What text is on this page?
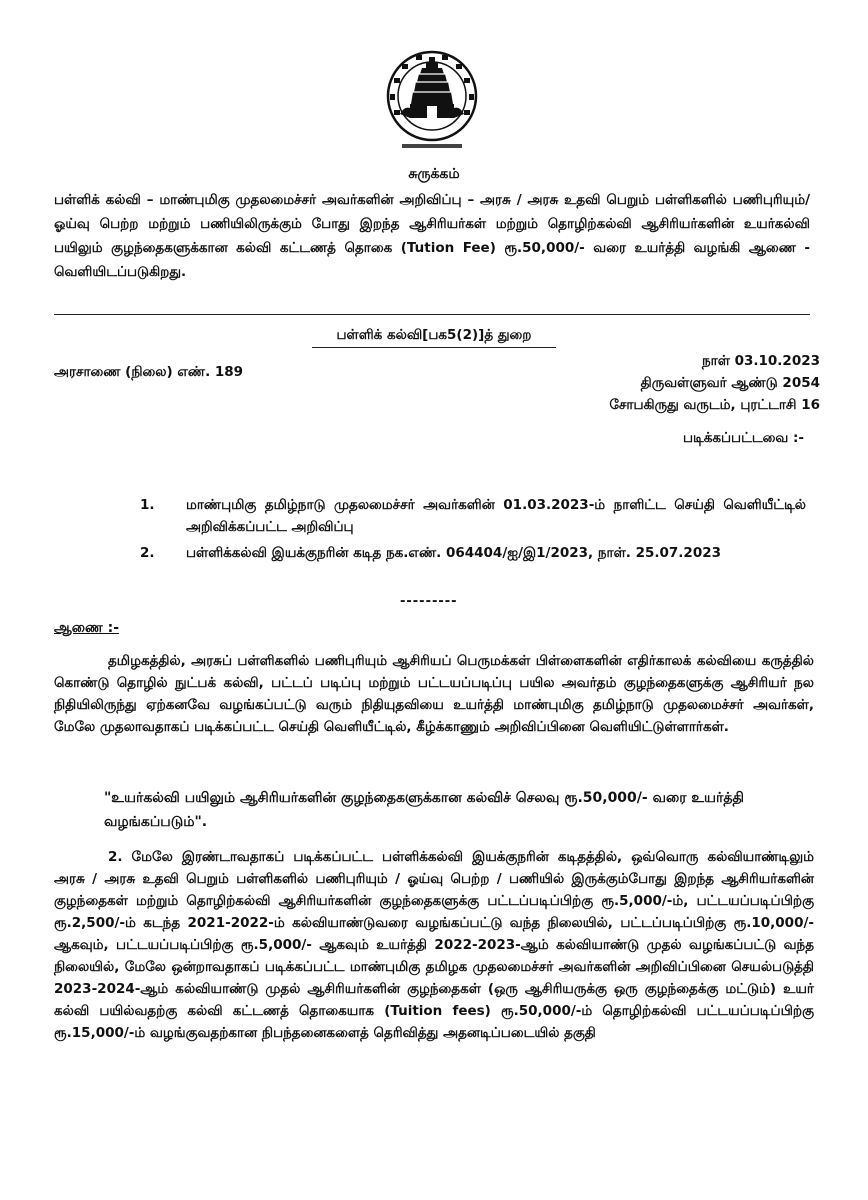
சுருக்கம்
பள்ளிக் கல்வி – மாண்புமிகு முதலமைச்சர் அவர்களின் அறிவிப்பு – அரசு / அரசு உதவி பெறும் பள்ளிகளில் பணிபுரியும்/ஓய்வு பெற்ற மற்றும் பணியிலிருக்கும் போது இறந்த ஆசிரியர்கள் மற்றும் தொழிற்கல்வி ஆசிரியர்களின் உயர்கல்வி பயிலும் குழந்தைகளுக்கான கல்வி கட்டணத் தொகை (Tution Fee) ரூ.50,000/- வரை உயர்த்தி வழங்கி ஆணை - வெளியிடப்படுகிறது.
பள்ளிக் கல்வி[பக5(2)]த் துறை
அரசாணை (நிலை) எண். 189
நாள் 03.10.2023
திருவள்ளுவர் ஆண்டு 2054
சோபகிருது வருடம், புரட்டாசி 16
படிக்கப்பட்டவை :-
1.	மாண்புமிகு தமிழ்நாடு முதலமைச்சர் அவர்களின் 01.03.2023-ம் நாளிட்ட செய்தி வெளியீட்டில் அறிவிக்கப்பட்ட அறிவிப்பு
2.	பள்ளிக்கல்வி இயக்குநரின் கடித நக.எண். 064404/ஐ/இ1/2023, நாள். 25.07.2023
---------
ஆணை :-

தமிழகத்தில், அரசுப் பள்ளிகளில் பணிபுரியும் ஆசிரியப் பெருமக்கள் பிள்ளைகளின் எதிர்காலக் கல்வியை கருத்தில் கொண்டு தொழில் நுட்பக் கல்வி, பட்டப் படிப்பு மற்றும் பட்டயப்படிப்பு பயில அவர்தம் குழந்தைகளுக்கு ஆசிரியர் நல நிதியிலிருந்து ஏற்கனவே வழங்கப்பட்டு வரும் நிதியுதவியை உயர்த்தி மாண்புமிகு தமிழ்நாடு முதலமைச்சர் அவர்கள், மேலே முதலாவதாகப் படிக்கப்பட்ட செய்தி வெளியீட்டில், கீழ்க்காணும் அறிவிப்பினை வெளியிட்டுள்ளார்கள்.

"உயர்கல்வி பயிலும் ஆசிரியர்களின் குழந்தைகளுக்கான கல்விச் செலவு ரூ.50,000/- வரை உயர்த்தி வழங்கப்படும்".

2. மேலே இரண்டாவதாகப் படிக்கப்பட்ட பள்ளிக்கல்வி இயக்குநரின் கடிதத்தில், ஒவ்வொரு கல்வியாண்டிலும் அரசு / அரசு உதவி பெறும் பள்ளிகளில் பணிபுரியும் / ஓய்வு பெற்ற / பணியில் இருக்கும்போது இறந்த ஆசிரியர்களின் குழந்தைகள் மற்றும் தொழிற்கல்வி ஆசிரியர்களின் குழந்தைகளுக்கு பட்டப்படிப்பிற்கு ரூ.5,000/-ம், பட்டயப்படிப்பிற்கு ரூ.2,500/-ம் கடந்த 2021-2022-ம் கல்வியாண்டுவரை வழங்கப்பட்டு வந்த நிலையில், பட்டப்படிப்பிற்கு ரூ.10,000/-ஆகவும், பட்டயப்படிப்பிற்கு ரூ.5,000/- ஆகவும் உயர்த்தி 2022-2023-ஆம் கல்வியாண்டு முதல் வழங்கப்பட்டு வந்த நிலையில், மேலே ஒன்றாவதாகப் படிக்கப்பட்ட மாண்புமிகு தமிழக முதலமைச்சர் அவர்களின் அறிவிப்பினை செயல்படுத்தி 2023-2024-ஆம் கல்வியாண்டு முதல் ஆசிரியர்களின் குழந்தைகள் (ஒரு ஆசிரியருக்கு ஒரு குழந்தைக்கு மட்டும்) உயர் கல்வி பயில்வதற்கு கல்வி கட்டணத் தொகையாக (Tuition fees) ரூ.50,000/-ம் தொழிற்கல்வி பட்டயப்படிப்பிற்கு ரூ.15,000/-ம் வழங்குவதற்கான நிபந்தனைகளைத் தெரிவித்து அதனடிப்படையில் தகுதி
